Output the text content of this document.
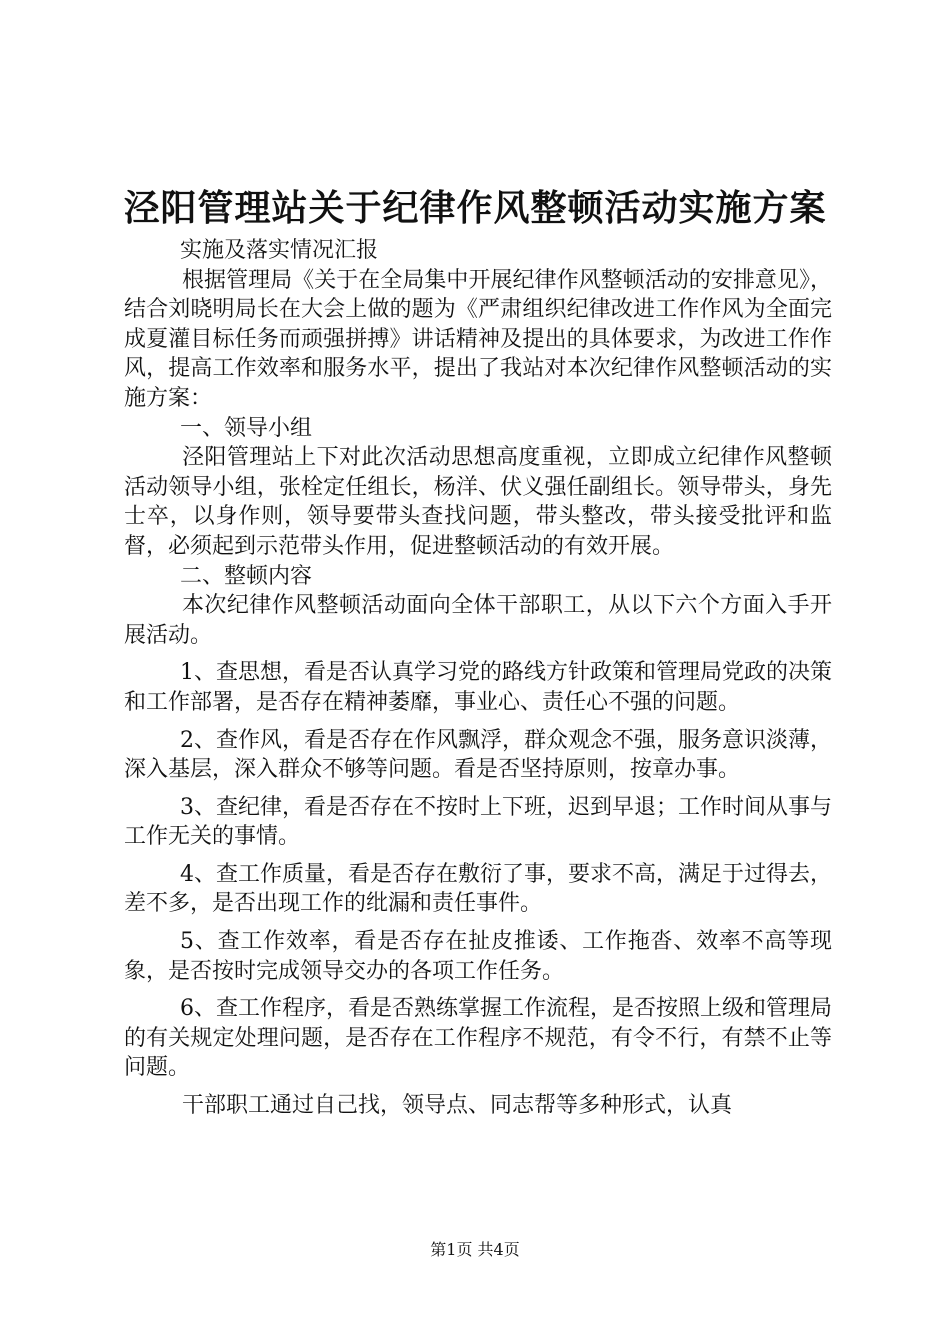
泾阳管理站关于纪律作风整顿活动实施方案

实施及落实情况汇报

根据管理局《关于在全局集中开展纪律作风整顿活动的安排意见》，结合刘晓明局长在大会上做的题为《严肃组织纪律改进工作作风为全面完成夏灌目标任务而顽强拼搏》讲话精神及提出的具体要求，为改进工作作风，提高工作效率和服务水平，提出了我站对本次纪律作风整顿活动的实施方案：

一、领导小组

泾阳管理站上下对此次活动思想高度重视，立即成立纪律作风整顿活动领导小组，张栓定任组长，杨洋、伏义强任副组长。领导带头，身先士卒，以身作则，领导要带头查找问题，带头整改，带头接受批评和监督，必须起到示范带头作用，促进整顿活动的有效开展。

二、整顿内容

本次纪律作风整顿活动面向全体干部职工，从以下六个方面入手开展活动。

1、查思想，看是否认真学习党的路线方针政策和管理局党政的决策和工作部署，是否存在精神萎靡，事业心、责任心不强的问题。

2、查作风，看是否存在作风飘浮，群众观念不强，服务意识淡薄，深入基层，深入群众不够等问题。看是否坚持原则，按章办事。

3、查纪律，看是否存在不按时上下班，迟到早退；工作时间从事与工作无关的事情。

4、查工作质量，看是否存在敷衍了事，要求不高，满足于过得去，差不多，是否出现工作的纰漏和责任事件。

5、查工作效率，看是否存在扯皮推诿、工作拖沓、效率不高等现象，是否按时完成领导交办的各项工作任务。

6、查工作程序，看是否熟练掌握工作流程，是否按照上级和管理局的有关规定处理问题，是否存在工作程序不规范，有令不行，有禁不止等问题。

干部职工通过自己找，领导点、同志帮等多种形式，认真

第1页 共4页
